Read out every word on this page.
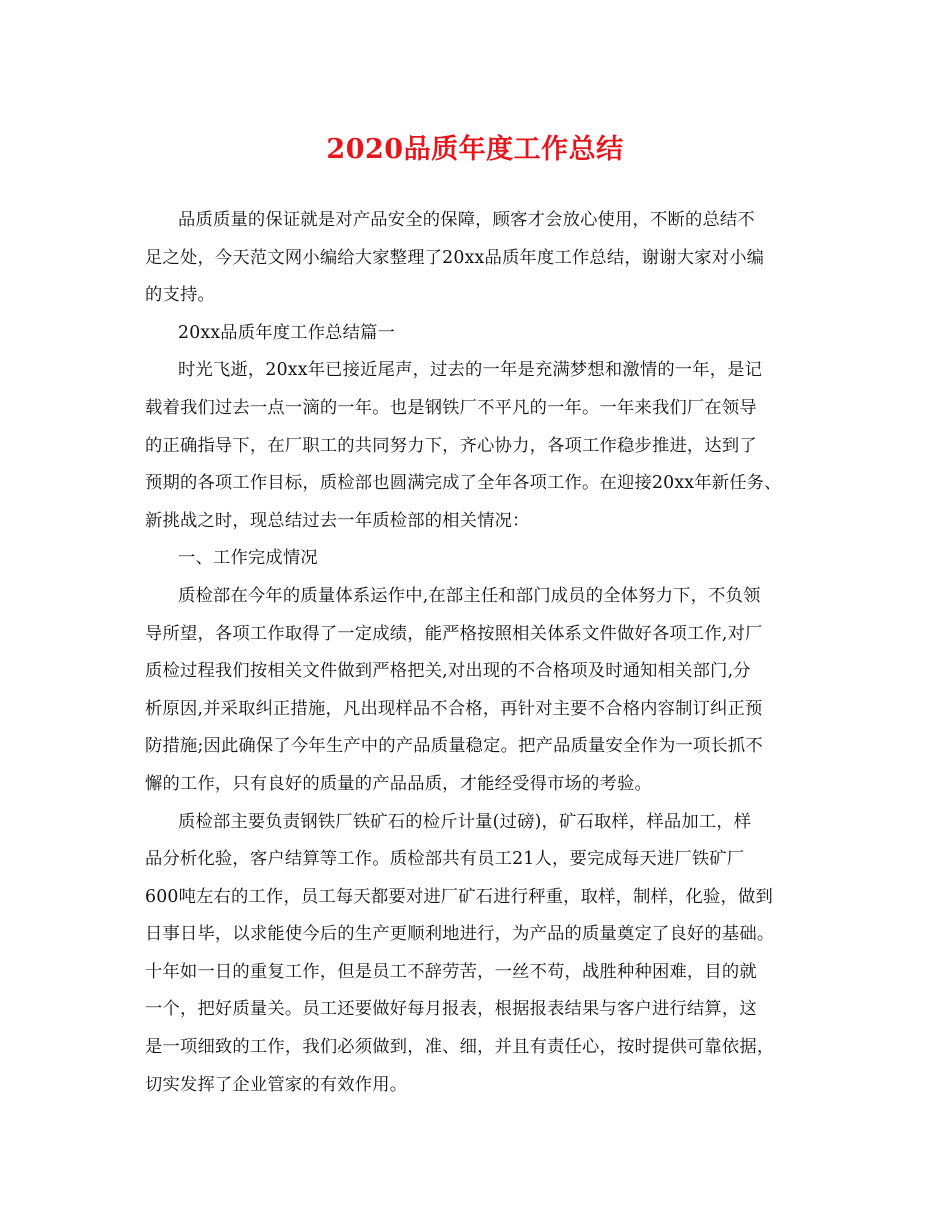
2020品质年度工作总结
品质质量的保证就是对产品安全的保障，顾客才会放心使用，不断的总结不
足之处，今天范文网小编给大家整理了20xx品质年度工作总结，谢谢大家对小编
的支持。
20xx品质年度工作总结篇一
时光飞逝，20xx年已接近尾声，过去的一年是充满梦想和激情的一年，是记
载着我们过去一点一滴的一年。也是钢铁厂不平凡的一年。一年来我们厂在领导
的正确指导下，在厂职工的共同努力下，齐心协力，各项工作稳步推进，达到了
预期的各项工作目标，质检部也圆满完成了全年各项工作。在迎接20xx年新任务、
新挑战之时，现总结过去一年质检部的相关情况：
一、工作完成情况
质检部在今年的质量体系运作中,在部主任和部门成员的全体努力下，不负领
导所望，各项工作取得了一定成绩，能严格按照相关体系文件做好各项工作,对厂
质检过程我们按相关文件做到严格把关,对出现的不合格项及时通知相关部门,分
析原因,并采取纠正措施，凡出现样品不合格，再针对主要不合格内容制订纠正预
防措施;因此确保了今年生产中的产品质量稳定。把产品质量安全作为一项长抓不
懈的工作，只有良好的质量的产品品质，才能经受得市场的考验。
质检部主要负责钢铁厂铁矿石的检斤计量(过磅)，矿石取样，样品加工，样
品分析化验，客户结算等工作。质检部共有员工21人，要完成每天进厂铁矿厂
600吨左右的工作，员工每天都要对进厂矿石进行秤重，取样，制样，化验，做到
日事日毕，以求能使今后的生产更顺利地进行，为产品的质量奠定了良好的基础。
十年如一日的重复工作，但是员工不辞劳苦，一丝不苟，战胜种种困难，目的就
一个，把好质量关。员工还要做好每月报表，根据报表结果与客户进行结算，这
是一项细致的工作，我们必须做到，准、细，并且有责任心，按时提供可靠依据，
切实发挥了企业管家的有效作用。
